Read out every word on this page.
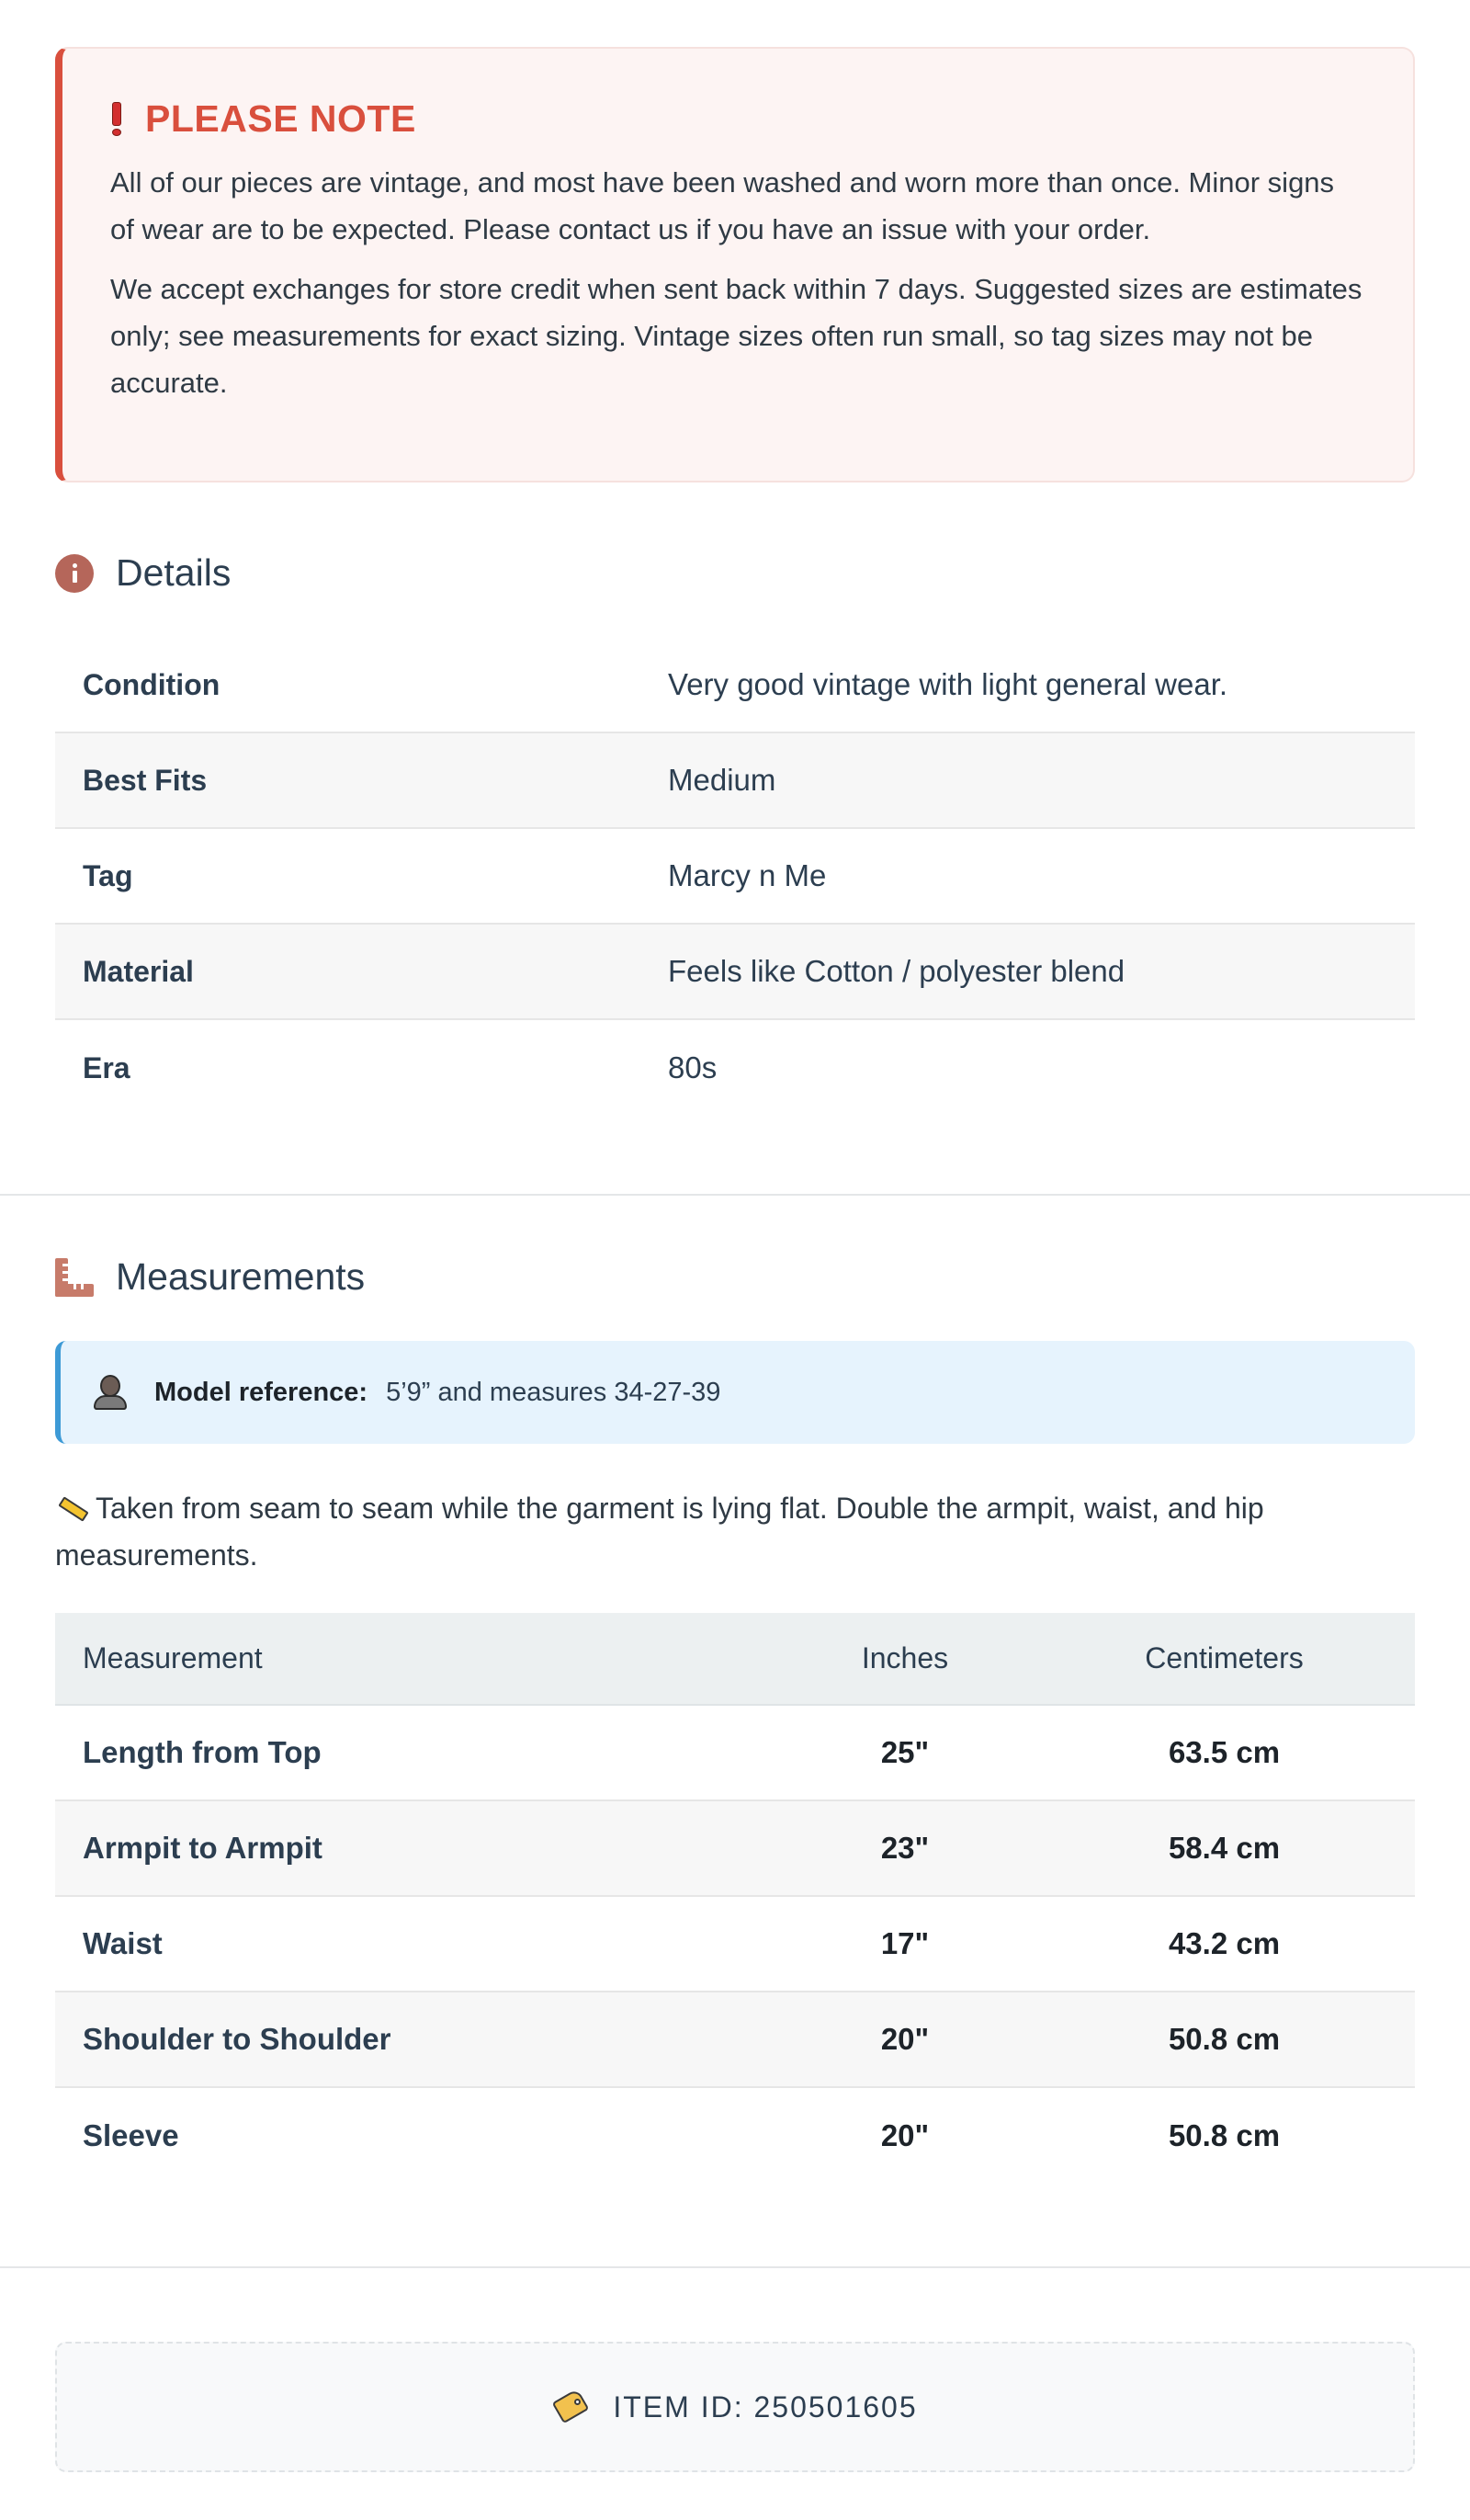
PLEASE NOTE

All of our pieces are vintage, and most have been washed and worn more than once. Minor signs of wear are to be expected. Please contact us if you have an issue with your order.

We accept exchanges for store credit when sent back within 7 days. Suggested sizes are estimates only; see measurements for exact sizing. Vintage sizes often run small, so tag sizes may not be accurate.

Details
Condition	Very good vintage with light general wear.
Best Fits	Medium
Tag	Marcy n Me
Material	Feels like Cotton / polyester blend
Era	80s
Measurements
Model reference: 5’9” and measures 34-27-39
Taken from seam to seam while the garment is lying flat. Double the armpit, waist, and hip measurements.
Measurement	Inches	Centimeters
Length from Top	25"	63.5 cm
Armpit to Armpit	23"	58.4 cm
Waist	17"	43.2 cm
Shoulder to Shoulder	20"	50.8 cm
Sleeve	20"	50.8 cm
ITEM ID: 250501605
